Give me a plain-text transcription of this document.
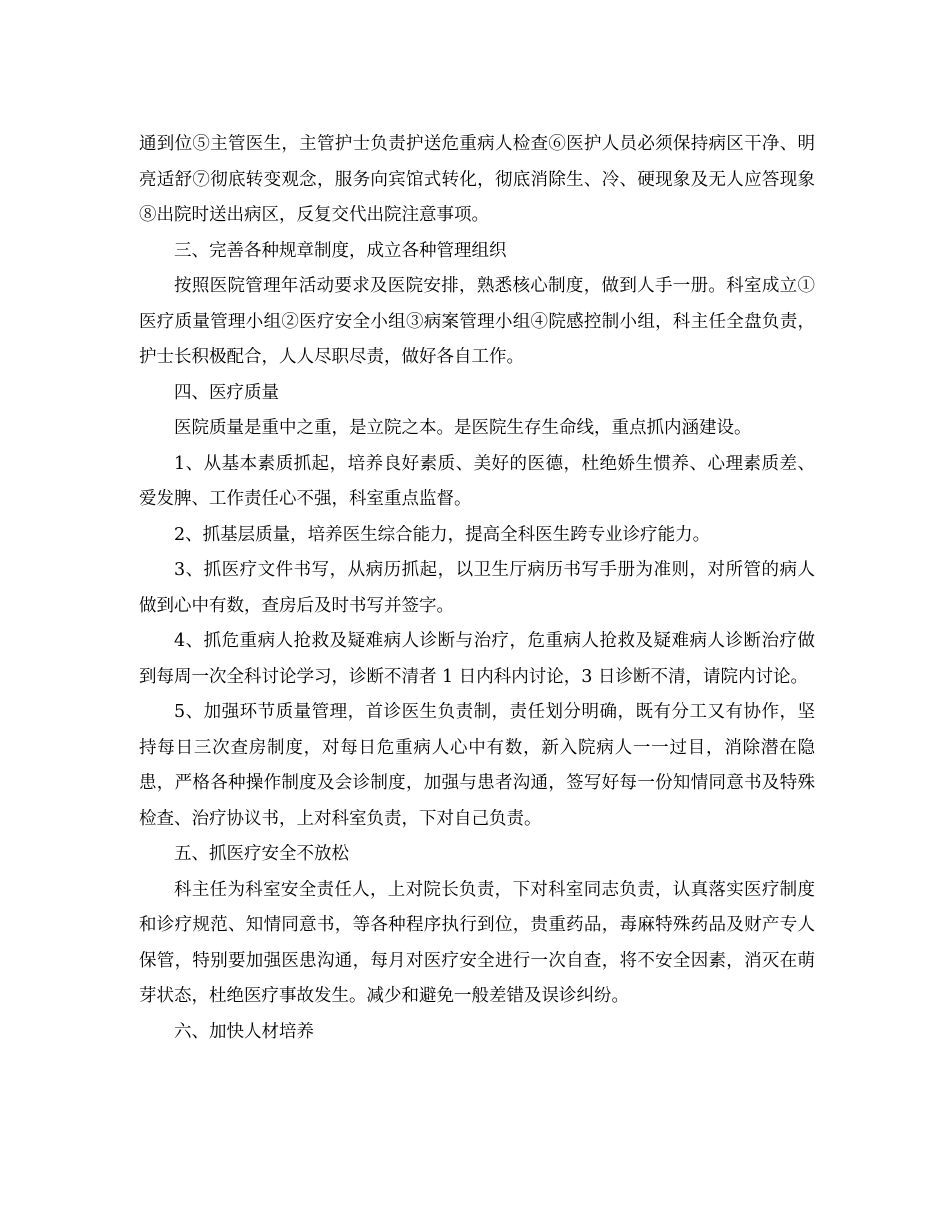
通到位⑤主管医生，主管护士负责护送危重病人检查⑥医护人员必须保持病区干净、明亮适舒⑦彻底转变观念，服务向宾馆式转化，彻底消除生、冷、硬现象及无人应答现象⑧出院时送出病区，反复交代出院注意事项。

三、完善各种规章制度，成立各种管理组织

按照医院管理年活动要求及医院安排，熟悉核心制度，做到人手一册。科室成立①医疗质量管理小组②医疗安全小组③病案管理小组④院感控制小组，科主任全盘负责，护士长积极配合，人人尽职尽责，做好各自工作。

四、医疗质量

医院质量是重中之重，是立院之本。是医院生存生命线，重点抓内涵建设。

1、从基本素质抓起，培养良好素质、美好的医德，杜绝娇生惯养、心理素质差、爱发脾、工作责任心不强，科室重点监督。

2、抓基层质量，培养医生综合能力，提高全科医生跨专业诊疗能力。

3、抓医疗文件书写，从病历抓起，以卫生厅病历书写手册为准则，对所管的病人做到心中有数，查房后及时书写并签字。

4、抓危重病人抢救及疑难病人诊断与治疗，危重病人抢救及疑难病人诊断治疗做到每周一次全科讨论学习，诊断不清者 1 日内科内讨论，3 日诊断不清，请院内讨论。

5、加强环节质量管理，首诊医生负责制，责任划分明确，既有分工又有协作，坚持每日三次查房制度，对每日危重病人心中有数，新入院病人一一过目，消除潜在隐患，严格各种操作制度及会诊制度，加强与患者沟通，签写好每一份知情同意书及特殊检查、治疗协议书，上对科室负责，下对自己负责。

五、抓医疗安全不放松

科主任为科室安全责任人，上对院长负责，下对科室同志负责，认真落实医疗制度和诊疗规范、知情同意书，等各种程序执行到位，贵重药品，毒麻特殊药品及财产专人保管，特别要加强医患沟通，每月对医疗安全进行一次自查，将不安全因素，消灭在萌芽状态，杜绝医疗事故发生。减少和避免一般差错及误诊纠纷。

六、加快人材培养
